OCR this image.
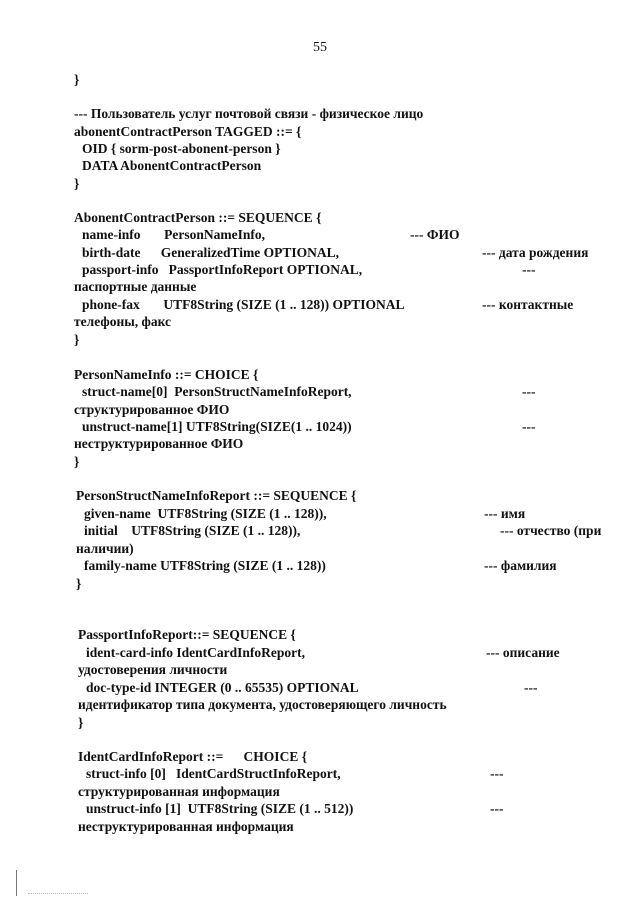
55
}
--- Пользователь услуг почтовой связи - физическое лицо
abonentContractPerson TAGGED ::= {
OID { sorm-post-abonent-person }
DATA AbonentContractPerson
}
AbonentContractPerson ::= SEQUENCE {
name-info       PersonNameInfo,	--- ФИО
birth-date      GeneralizedTime OPTIONAL,	--- дата рождения
passport-info   PassportInfoReport OPTIONAL,	---
паспортные данные
phone-fax       UTF8String (SIZE (1 .. 128)) OPTIONAL	--- контактные
телефоны, факс
}
PersonNameInfo ::= CHOICE {
struct-name[0]  PersonStructNameInfoReport,	---
структурированное ФИО
unstruct-name[1] UTF8String(SIZE(1 .. 1024))	---
неструктурированное ФИО
}
PersonStructNameInfoReport ::= SEQUENCE {
given-name  UTF8String (SIZE (1 .. 128)),	--- имя
initial    UTF8String (SIZE (1 .. 128)),	--- отчество (при
наличии)
family-name UTF8String (SIZE (1 .. 128))	--- фамилия
}
PassportInfoReport::= SEQUENCE {
ident-card-info IdentCardInfoReport,	--- описание
удостоверения личности
doc-type-id INTEGER (0 .. 65535) OPTIONAL	---
идентификатор типа документа, удостоверяющего личность
}
IdentCardInfoReport ::=      CHOICE {
struct-info [0]   IdentCardStructInfoReport,	---
структурированная информация
unstruct-info [1]  UTF8String (SIZE (1 .. 512))	---
неструктурированная информация
